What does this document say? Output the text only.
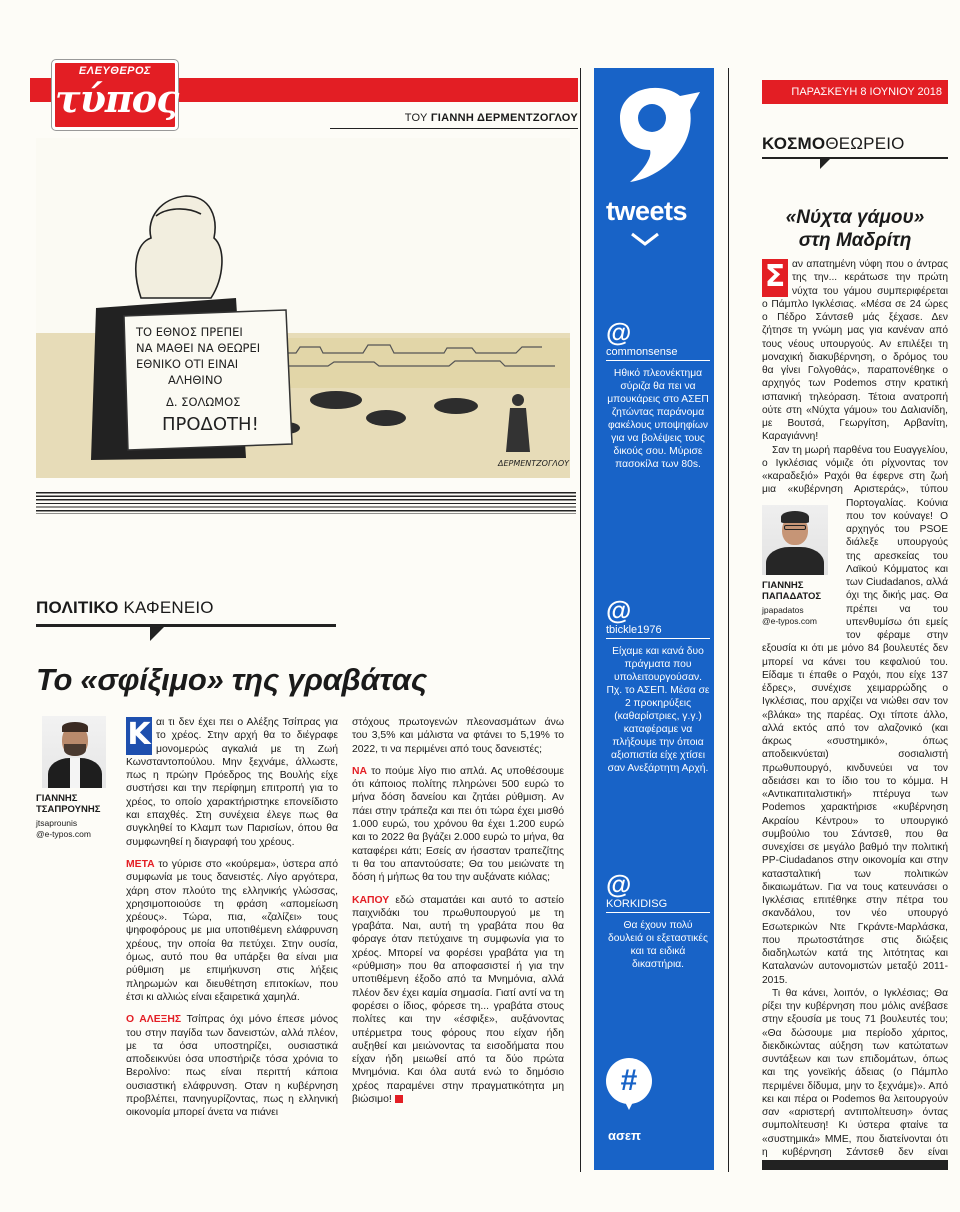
ΕΛΕΥΘΕΡΟΣ
τύπος	ΤΟΥ ΓΙΑΝΝΗ ΔΕΡΜΕΝΤΖΟΓΛΟΥ
ΤΟ ΕΘΝΟΣ ΠΡΕΠΕΙ
ΝΑ ΜΑΘΕΙ ΝΑ ΘΕΩΡΕΙ
ΕΘΝΙΚΟ ΟΤΙ ΕΙΝΑΙ
ΑΛΗΘΙΝΟ
Δ. ΣΟΛΩΜΟΣ
ΠΡΟΔΟΤΗ!
ΔΕΡΜΕΝΤΖΟΓΛΟΥ
ΠΟΛΙΤΙΚΟ ΚΑΦΕΝΕΙΟ
Το «σφίξιμο» της γραβάτας
ΓΙΑΝΝΗΣ ΤΣΑΠΡΟΥΝΗΣ
jtsaprounis
@e-typos.com

Κ αι τι δεν έχει πει ο Αλέξης Τσίπρας για το χρέος. Στην αρχή θα το διέγραφε μονομερώς αγκαλιά με τη Ζωή Κωνσταντοπούλου. Μην ξεχνάμε, άλλωστε, πως η πρώην Πρόεδρος της Βουλής είχε συστήσει και την περίφημη επιτροπή για το χρέος, το οποίο χαρακτήριστηκε επονείδιστο και επαχθές. Στη συνέχεια έλεγε πως θα συγκληθεί το Κλαμπ των Παρισίων, όπου θα συμφωνηθεί η διαγραφή του χρέους.

ΜΕΤΑ το γύρισε στο «κούρεμα», ύστερα από συμφωνία με τους δανειστές. Λίγο αργότερα, χάρη στον πλούτο της ελληνικής γλώσσας, χρησιμοποιούσε τη φράση «απομείωση χρέους». Τώρα, πια, «ζαλίζει» τους ψηφοφόρους με μια υποτιθέμενη ελάφρυνση χρέους, την οποία θα πετύχει. Στην ουσία, όμως, αυτό που θα υπάρξει θα είναι μια ρύθμιση με επιμήκυνση στις λήξεις πληρωμών και διευθέτηση επιτοκίων, που έτσι κι αλλιώς είναι εξαιρετικά χαμηλά.

Ο ΑΛΕΞΗΣ Τσίπρας όχι μόνο έπεσε μόνος του στην παγίδα των δανειστών, αλλά πλέον, με τα όσα υποστηρίζει, ουσιαστικά αποδεικνύει όσα υποστήριζε τόσα χρόνια το Βερολίνο: πως είναι περιττή κάποια ουσιαστική ελάφρυνση. Οταν η κυβέρνηση προβλέπει, πανηγυρίζοντας, πως η ελληνική οικονομία μπορεί άνετα να πιάνει

στόχους πρωτογενών πλεονασμάτων άνω του 3,5% και μάλιστα να φτάνει το 5,19% το 2022, τι να περιμένει από τους δανειστές;

ΝΑ το πούμε λίγο πιο απλά. Ας υποθέσουμε ότι κάποιος πολίτης πληρώνει 500 ευρώ το μήνα δόση δανείου και ζητάει ρύθμιση. Αν πάει στην τράπεζα και πει ότι τώρα έχει μισθό 1.000 ευρώ, του χρόνου θα έχει 1.200 ευρώ και το 2022 θα βγάζει 2.000 ευρώ το μήνα, θα καταφέρει κάτι; Εσείς αν ήσασταν τραπεζίτης τι θα του απαντούσατε; Θα του μειώνατε τη δόση ή μήπως θα του την αυξάνατε κιόλας;

ΚΑΠΟΥ εδώ σταματάει και αυτό το αστείο παιχνιδάκι του πρωθυπουργού με τη γραβάτα. Ναι, αυτή τη γραβάτα που θα φόραγε όταν πετύχαινε τη συμφωνία για το χρέος. Μπορεί να φορέσει γραβάτα για τη «ρύθμιση» που θα αποφασιστεί ή για την υποτιθέμενη έξοδο από τα Μνημόνια, αλλά πλέον δεν έχει καμία σημασία. Γιατί αντί να τη φορέσει ο ίδιος, φόρεσε τη... γραβάτα στους πολίτες και την «έσφιξε», αυξάνοντας υπέρμετρα τους φόρους που είχαν ήδη αυξηθεί και μειώνοντας τα εισοδήματα που είχαν ήδη μειωθεί από τα δύο πρώτα Μνημόνια. Και όλα αυτά ενώ το δημόσιο χρέος παραμένει στην πραγματικότητα μη βιώσιμο!

tweets
@
commonsense
Ηθικό πλεονέκτημα σύριζα θα πει να μπουκάρεις στο ΑΣΕΠ ζητώντας παράνομα φακέλους υποψηφίων για να βολέψεις τους δικούς σου. Μύρισε πασοκίλα των 80s.
@
tbickle1976
Είχαμε και κανά δυο πράγματα που υπολειτουργούσαν. Πχ. το ΑΣΕΠ. Μέσα σε 2 προκηρύξεις (καθαρίστριες, γ.γ.) καταφέραμε να πλήξουμε την όποια αξιοπιστία είχε χτίσει σαν Ανεξάρτητη Αρχή.
@
KORKIDISG
Θα έχουν πολύ δουλειά οι εξεταστικές και τα ειδικά δικαστήρια.
#
ασεπ
ΠΑΡΑΣΚΕΥΗ 8 ΙΟΥΝΙΟΥ 2018
ΚΟΣΜΟΘΕΩΡΕΙΟ
«Νύχτα γάμου»
στη Μαδρίτη

Σ αν απατημένη νύφη που ο άντρας της την... κεράτωσε την πρώτη νύχτα του γάμου συμπεριφέρεται ο Πάμπλο Ιγκλέσιας. «Μέσα σε 24 ώρες ο Πέδρο Σάντσεθ μάς ξέχασε. Δεν ζήτησε τη γνώμη μας για κανέναν από τους νέους υπουργούς. Αν επιλέξει τη μοναχική διακυβέρνηση, ο δρόμος του θα γίνει Γολγοθάς», παραπονέθηκε ο αρχηγός των Podemos στην κρατική ισπανική τηλεόραση. Τέτοια ανατροπή ούτε στη «Νύχτα γάμου» του Δαλιανίδη, με Βουτσά, Γεωργίτση, Αρβανίτη, Καραγιάννη!

Σαν τη μωρή παρθένα του Ευαγγελίου, ο Ιγκλέσιας νόμιζε ότι ρίχνοντας τον «καραδεξιό» Ραχόι θα έφερνε στη ζωή μια «κυβέρνηση Αριστεράς», τύπου
ΓΙΑΝΝΗΣ ΠΑΠΑΔΑΤΟΣ
jpapadatos
@e-typos.com
Πορτογαλίας. Κούνια που τον κούναγε! Ο αρχηγός του PSOE διάλεξε υπουργούς της αρεσκείας του Λαϊκού Κόμματος και των Ciudadanos, αλλά όχι της δικής μας. Θα πρέπει να του υπενθυμίσω ότι εμείς τον φέραμε στην εξουσία κι ότι με μόνο 84 βουλευτές δεν μπορεί να κάνει του κεφαλιού του. Είδαμε τι έπαθε ο Ραχόι, που είχε 137 έδρες», συνέχισε χειμαρρώδης ο Ιγκλέσιας, που αρχίζει να νιώθει σαν τον «βλάκα» της παρέας. Οχι τίποτε άλλο, αλλά εκτός από τον αλαζονικό (και άκρως «συστημικό», όπως αποδεικνύεται) σοσιαλιστή πρωθυπουργό, κινδυνεύει να τον αδειάσει και το ίδιο του το κόμμα. Η «Αντικαπιταλιστική» πτέρυγα των Podemos χαρακτήρισε «κυβέρνηση Ακραίου Κέντρου» το υπουργικό συμβούλιο του Σάντσεθ, που θα συνεχίσει σε μεγάλο βαθμό την πολιτική PP-Ciudadanos στην οικονομία και στην κατασταλτική των πολιτικών δικαιωμάτων. Για να τους κατευνάσει ο Ιγκλέσιας επιτέθηκε στην πέτρα του σκανδάλου, τον νέο υπουργό Εσωτερικών Ντε Γκράντε-Μαρλάσκα, που πρωτοστάτησε στις διώξεις διαδηλωτών κατά της λιτότητας και Καταλανών αυτονομιστών μεταξύ 2011-2015.

Τι θα κάνει, λοιπόν, ο Ιγκλέσιας; Θα ρίξει την κυβέρνηση που μόλις ανέβασε στην εξουσία με τους 71 βουλευτές του; «Θα δώσουμε μια περίοδο χάριτος, διεκδικώντας αύξηση των κατώτατων συντάξεων και των επιδομάτων, όπως και της γονεϊκής άδειας (ο Πάμπλο περιμένει δίδυμα, μην το ξεχνάμε)». Από κει και πέρα οι Podemos θα λειτουργούν σαν «αριστερή αντιπολίτευση» όντας συμπολίτευση! Κι ύστερα φταίνε τα «συστημικά» ΜΜΕ, που διατείνονται ότι η κυβέρνηση Σάντσεθ δεν είναι
